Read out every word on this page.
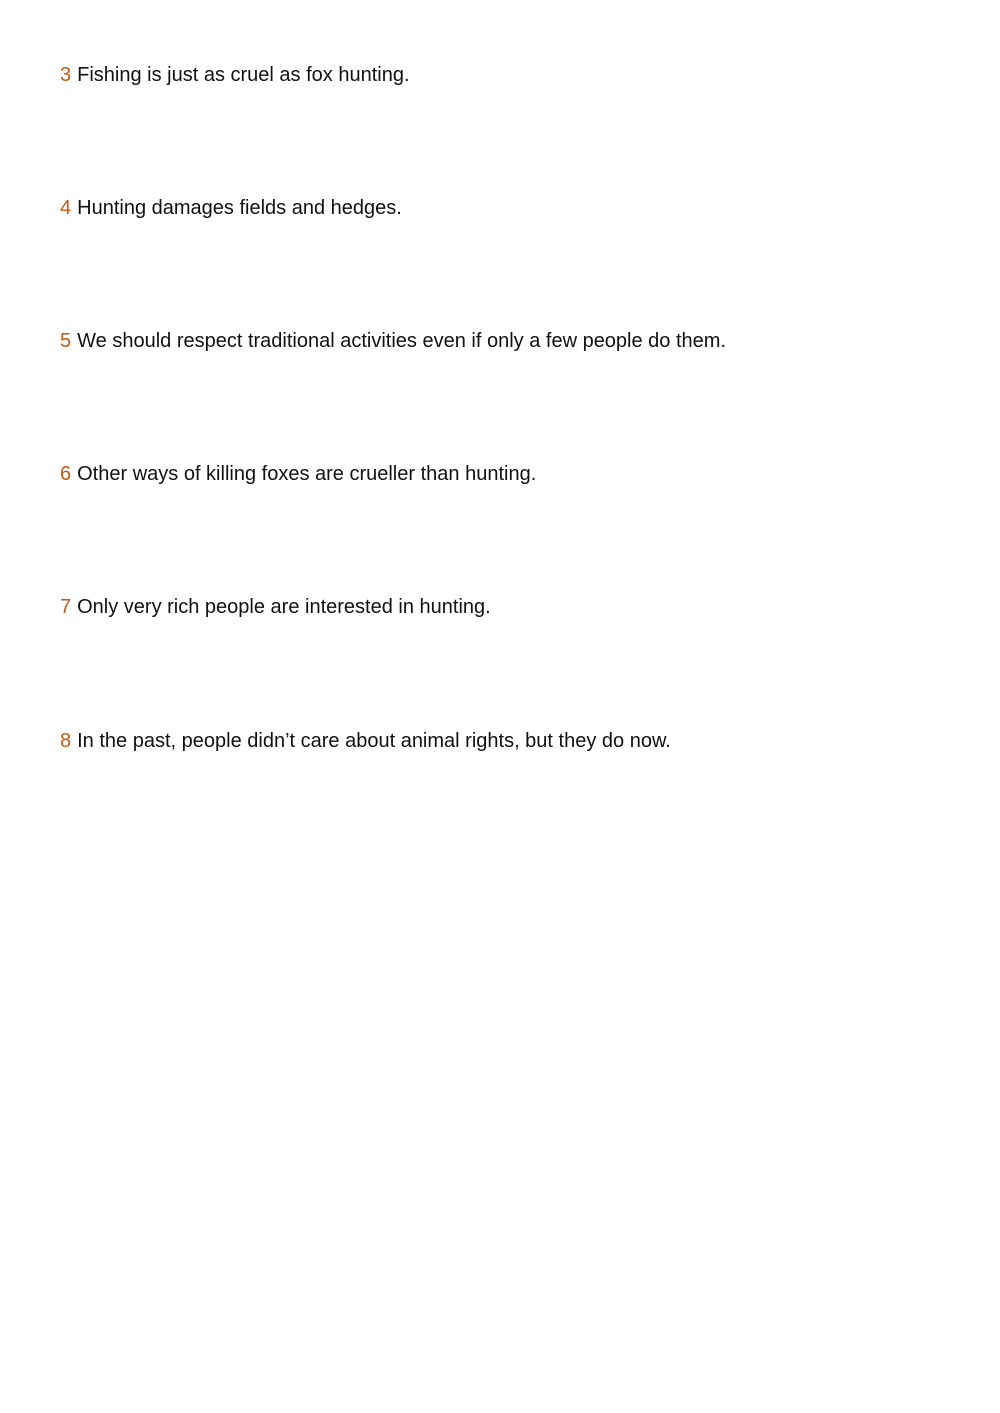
3 Fishing is just as cruel as fox hunting.
4 Hunting damages fields and hedges.
5 We should respect traditional activities even if only a few people do them.
6 Other ways of killing foxes are crueller than hunting.
7 Only very rich people are interested in hunting.
8 In the past, people didn’t care about animal rights, but they do now.
